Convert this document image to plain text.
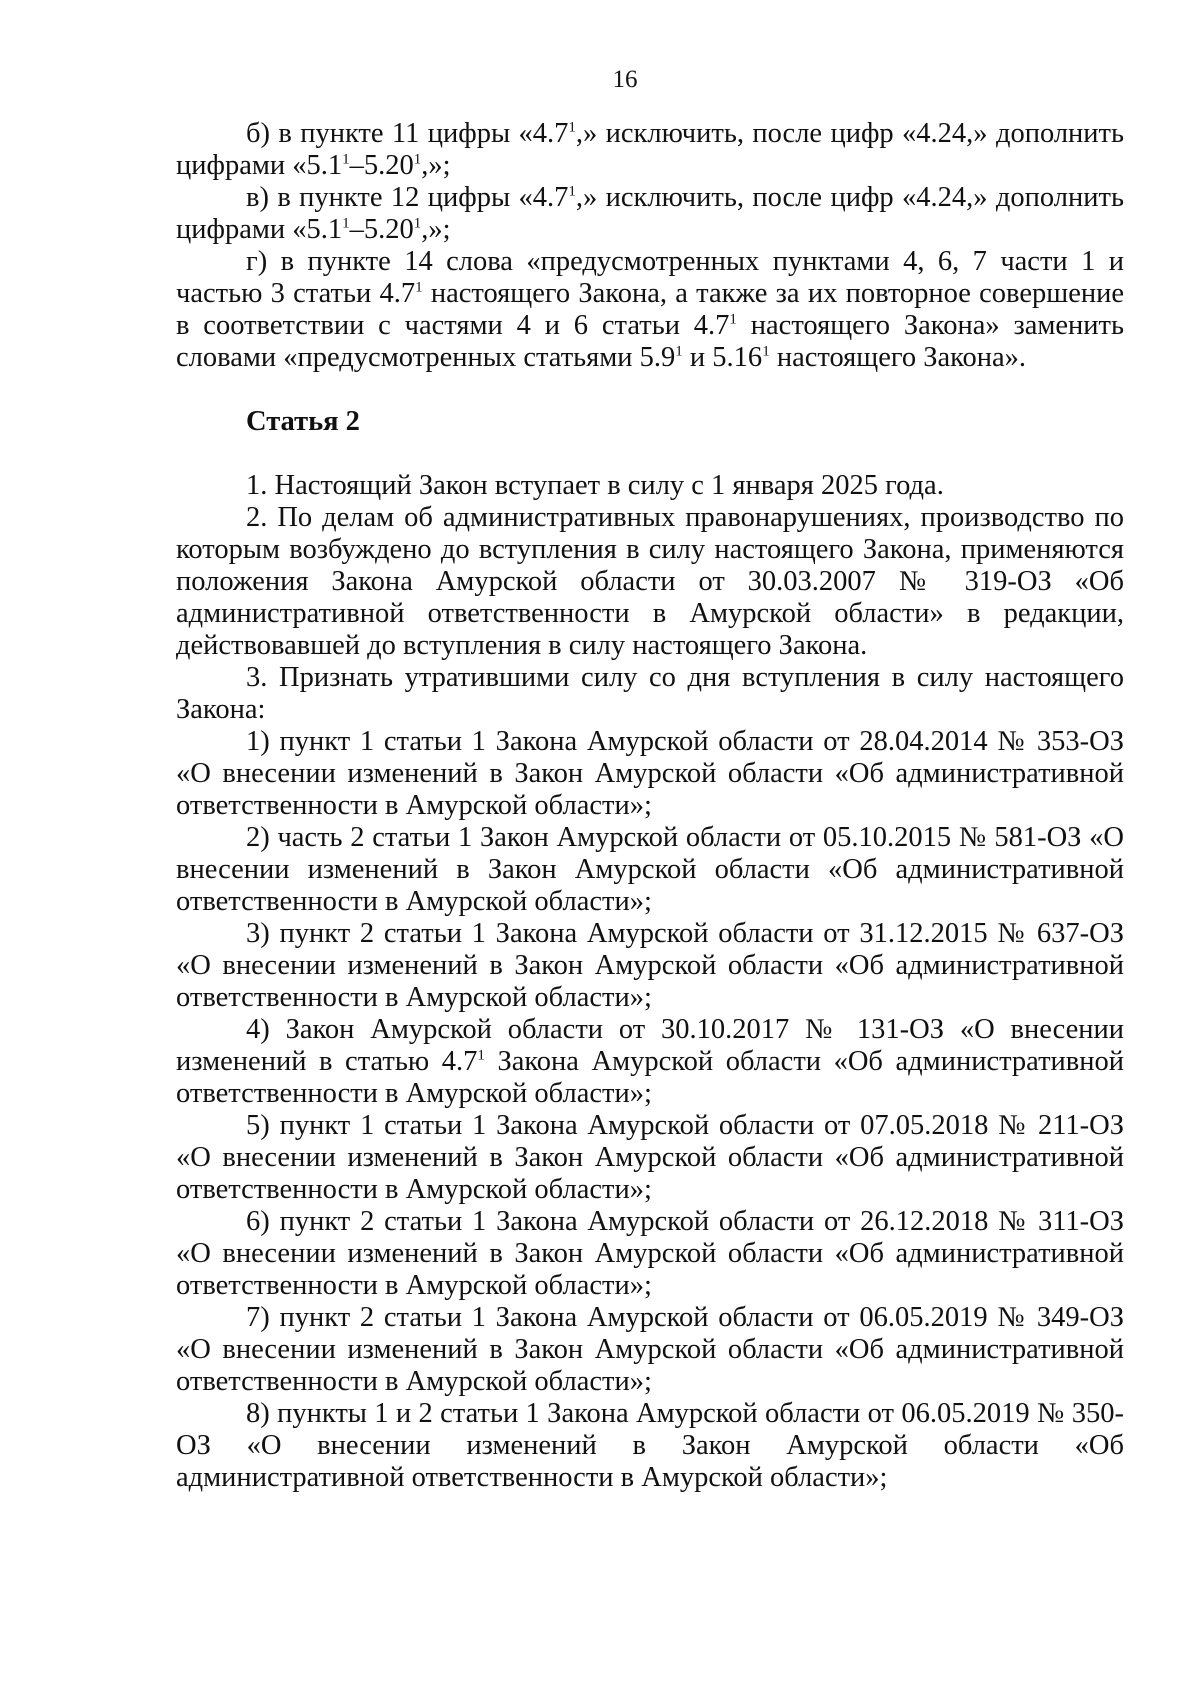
16

б) в пункте 11 цифры «$4.7^1$,» исключить, после цифр «4.24,» дополнить цифрами «$5.1^1-5.20^1$,»;

в) в пункте 12 цифры «$4.7^1$,» исключить, после цифр «4.24,» дополнить цифрами «$5.1^1-5.20^1$,»;

г) в пункте 14 слова «предусмотренных пунктами 4, 6, 7 части 1 и частью 3 статьи $4.7^1$ настоящего Закона, а также за их повторное совершение в соответствии с частями 4 и 6 статьи $4.7^1$ настоящего Закона» заменить словами «предусмотренных статьями $5.9^1$ и 5.16$^1$ настоящего Закона».

Статья 2

1. Настоящий Закон вступает в силу с 1 января 2025 года.

2. По делам об административных правонарушениях, производство по которым возбуждено до вступления в силу настоящего Закона, применяются положения Закона Амурской области от 30.03.2007 № 319-ОЗ «Об административной ответственности в Амурской области» в редакции, действовавшей до вступления в силу настоящего Закона.

3. Признать утратившими силу со дня вступления в силу настоящего Закона:

1) пункт 1 статьи 1 Закона Амурской области от 28.04.2014 № 353-ОЗ «О внесении изменений в Закон Амурской области «Об административной ответственности в Амурской области»;

2) часть 2 статьи 1 Закон Амурской области от 05.10.2015 № 581-ОЗ «О внесении изменений в Закон Амурской области «Об административной ответственности в Амурской области»;

3) пункт 2 статьи 1 Закона Амурской области от 31.12.2015 № 637-ОЗ «О внесении изменений в Закон Амурской области «Об административной ответственности в Амурской области»;

4) Закон Амурской области от 30.10.2017 № 131-ОЗ «О внесении изменений в статью $4.7^1$ Закона Амурской области «Об административной ответственности в Амурской области»;

5) пункт 1 статьи 1 Закона Амурской области от 07.05.2018 № 211-ОЗ «О внесении изменений в Закон Амурской области «Об административной ответственности в Амурской области»;

6) пункт 2 статьи 1 Закона Амурской области от 26.12.2018 № 311-ОЗ «О внесении изменений в Закон Амурской области «Об административной ответственности в Амурской области»;

7) пункт 2 статьи 1 Закона Амурской области от 06.05.2019 № 349-ОЗ «О внесении изменений в Закон Амурской области «Об административной ответственности в Амурской области»;

8) пункты 1 и 2 статьи 1 Закона Амурской области от 06.05.2019 № 350-ОЗ «О внесении изменений в Закон Амурской области «Об административной ответственности в Амурской области»;
